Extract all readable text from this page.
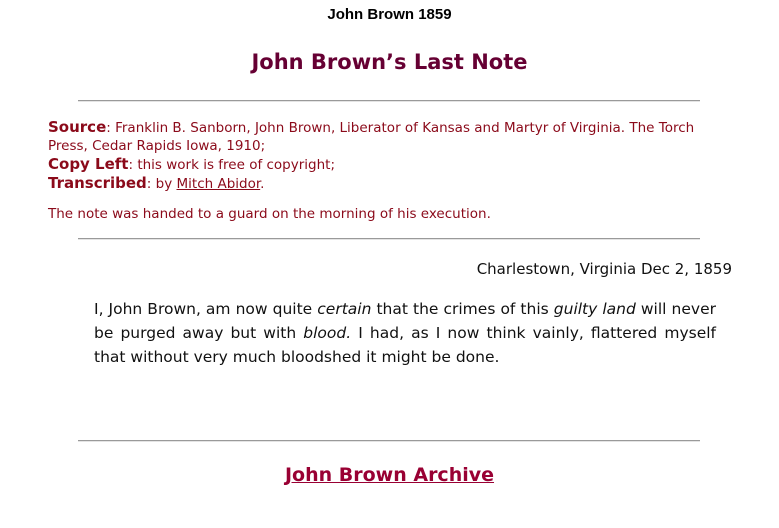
John Brown 1859
John Brown’s Last Note
Source: Franklin B. Sanborn, John Brown, Liberator of Kansas and Martyr of Virginia. The Torch Press, Cedar Rapids Iowa, 1910;
Copy Left: this work is free of copyright;
Transcribed: by Mitch Abidor.
The note was handed to a guard on the morning of his execution.
Charlestown, Virginia Dec 2, 1859

I, John Brown, am now quite certain that the crimes of this guilty land will never be purged away but with blood. I had, as I now think vainly, flattered myself that without very much bloodshed it might be done.

John Brown Archive
